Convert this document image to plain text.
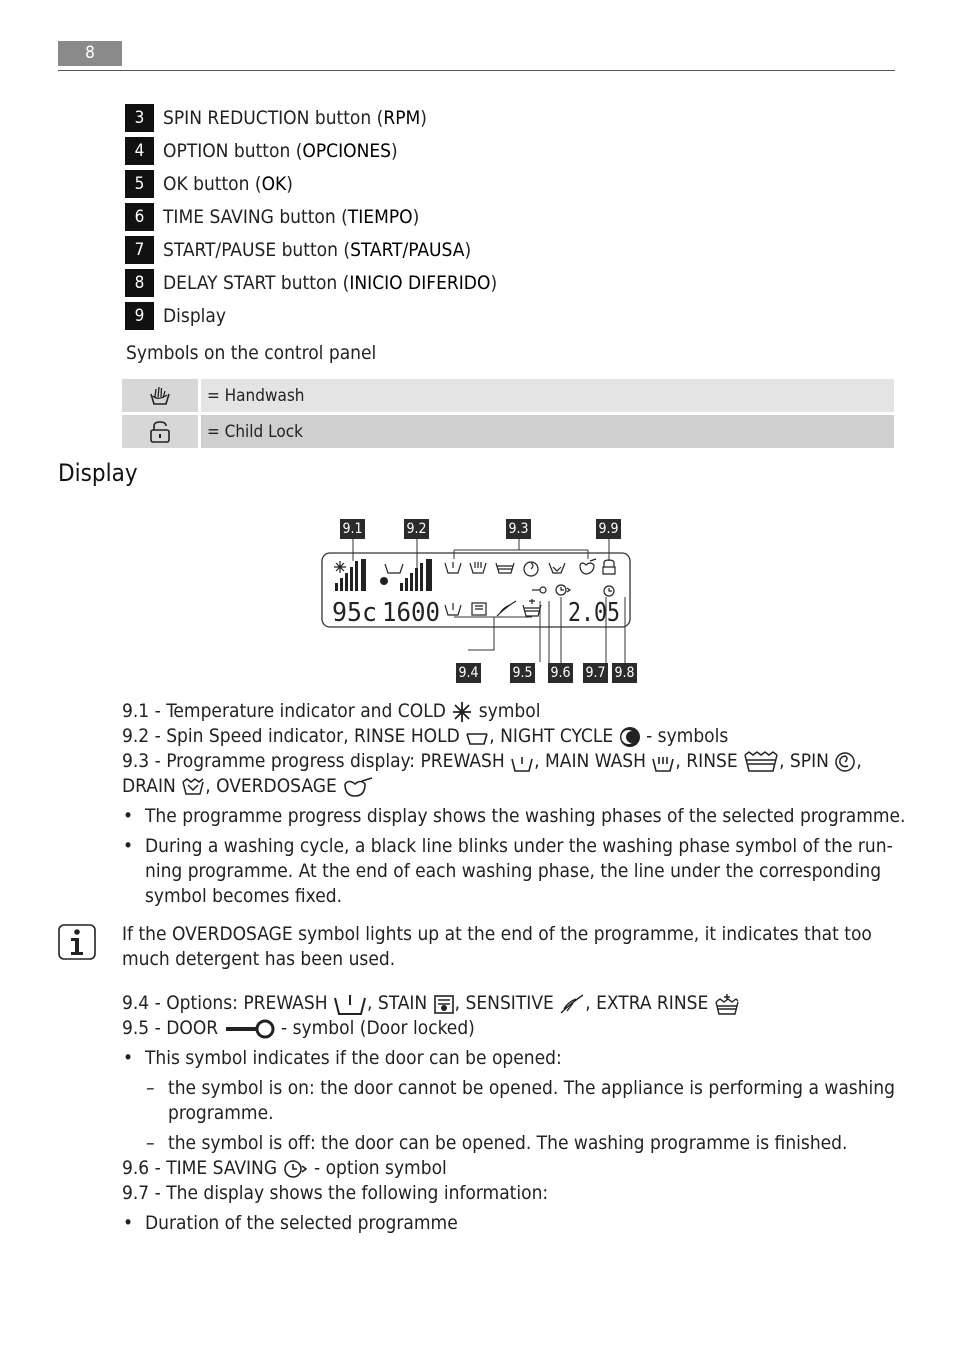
8
3 SPIN REDUCTION button ( RPM )
4 OPTION button ( OPCIONES )
5 OK button ( OK )
6 TIME SAVING button ( TIEMPO )
7 START/PAUSE button ( START/PAUSA )
8 DELAY START button ( INICIO DIFERIDO )
9 Display
Symbols on the control panel
= Handwash
= Child Lock
Display
95c 1600	2.05
9.1	9.2	9.3	9.9
9.4 9.5 9.6 9.7 9.8
9.1 - Temperature indicator and COLD symbol
9.2 - Spin Speed indicator, RINSE HOLD , NIGHT CYCLE - symbols
9.3 - Programme progress display: PREWASH , MAIN WASH , RINSE , SPIN ,
DRAIN , OVERDOSAGE
• The programme progress display shows the washing phases of the selected programme.
• During a washing cycle, a black line blinks under the washing phase symbol of the run-
ning programme. At the end of each washing phase, the line under the corresponding
symbol becomes fixed.
If the OVERDOSAGE symbol lights up at the end of the programme, it indicates that too
much detergent has been used.
9.4 - Options: PREWASH , STAIN , SENSITIVE , EXTRA RINSE
9.5 - DOOR	- symbol (Door locked)
• This symbol indicates if the door can be opened:
– the symbol is on: the door cannot be opened. The appliance is performing a washing
programme.
– the symbol is off: the door can be opened. The washing programme is finished.
9.6 - TIME SAVING - option symbol
9.7 - The display shows the following information:
• Duration of the selected programme
